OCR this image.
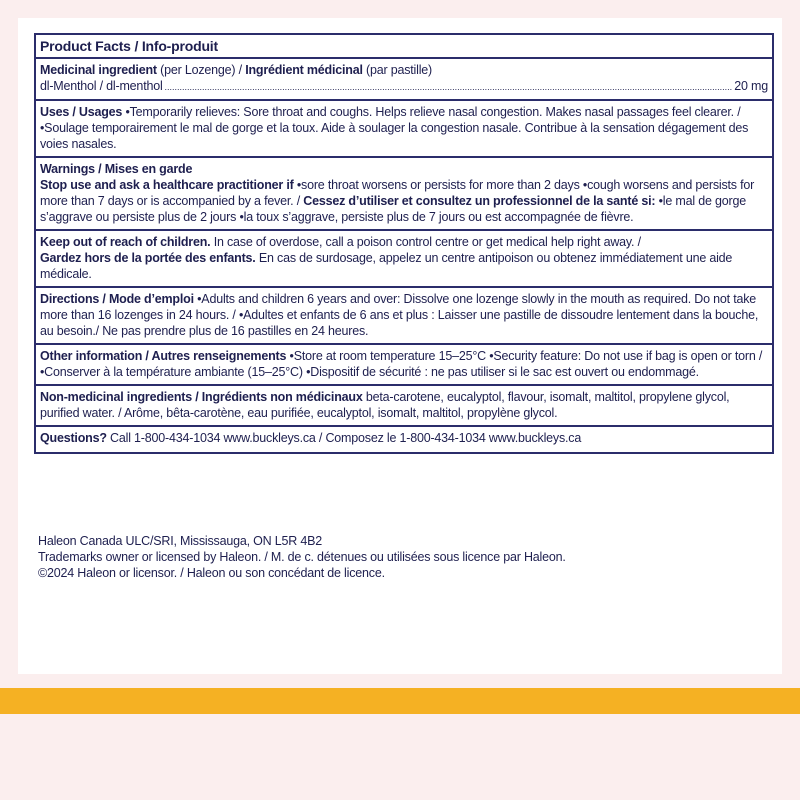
Product Facts / Info-produit
Medicinal ingredient (per Lozenge) / Ingrédient médicinal (par pastille)
dl-Menthol / dl-menthol
.....	20 mg
Uses / Usages •Temporarily relieves: Sore throat and coughs. Helps relieve nasal congestion. Makes nasal passages feel clearer. / •Soulage temporairement le mal de gorge et la toux. Aide à soulager la congestion nasale. Contribue à la sensation dégagement des voies nasales.
Warnings / Mises en garde
Stop use and ask a healthcare practitioner if •sore throat worsens or persists for more than 2 days •cough worsens and persists for more than 7 days or is accompanied by a fever. / Cessez d’utiliser et consultez un professionnel de la santé si: •le mal de gorge s’aggrave ou persiste plus de 2 jours •la toux s’aggrave, persiste plus de 7 jours ou est accompagnée de fièvre.
Keep out of reach of children. In case of overdose, call a poison control centre or get medical help right away. /
Gardez hors de la portée des enfants. En cas de surdosage, appelez un centre antipoison ou obtenez immédiatement une aide médicale.
Directions / Mode d’emploi •Adults and children 6 years and over: Dissolve one lozenge slowly in the mouth as required. Do not take more than 16 lozenges in 24 hours. / •Adultes et enfants de 6 ans et plus : Laisser une pastille de dissoudre lentement dans la bouche, au besoin./ Ne pas prendre plus de 16 pastilles en 24 heures.
Other information / Autres renseignements •Store at room temperature 15–25°C •Security feature: Do not use if bag is open or torn / •Conserver à la température ambiante (15–25°C) •Dispositif de sécurité : ne pas utiliser si le sac est ouvert ou endommagé.
Non-medicinal ingredients / Ingrédients non médicinaux beta-carotene, eucalyptol, flavour, isomalt, maltitol, propylene glycol, purified water. / Arôme, bêta-carotène, eau purifiée, eucalyptol, isomalt, maltitol, propylène glycol.
Questions? Call 1-800-434-1034 www.buckleys.ca / Composez le 1-800-434-1034 www.buckleys.ca
Haleon Canada ULC/SRI, Mississauga, ON L5R 4B2
Trademarks owner or licensed by Haleon. / M. de c. détenues ou utilisées sous licence par Haleon.
©2024 Haleon or licensor. / Haleon ou son concédant de licence.
